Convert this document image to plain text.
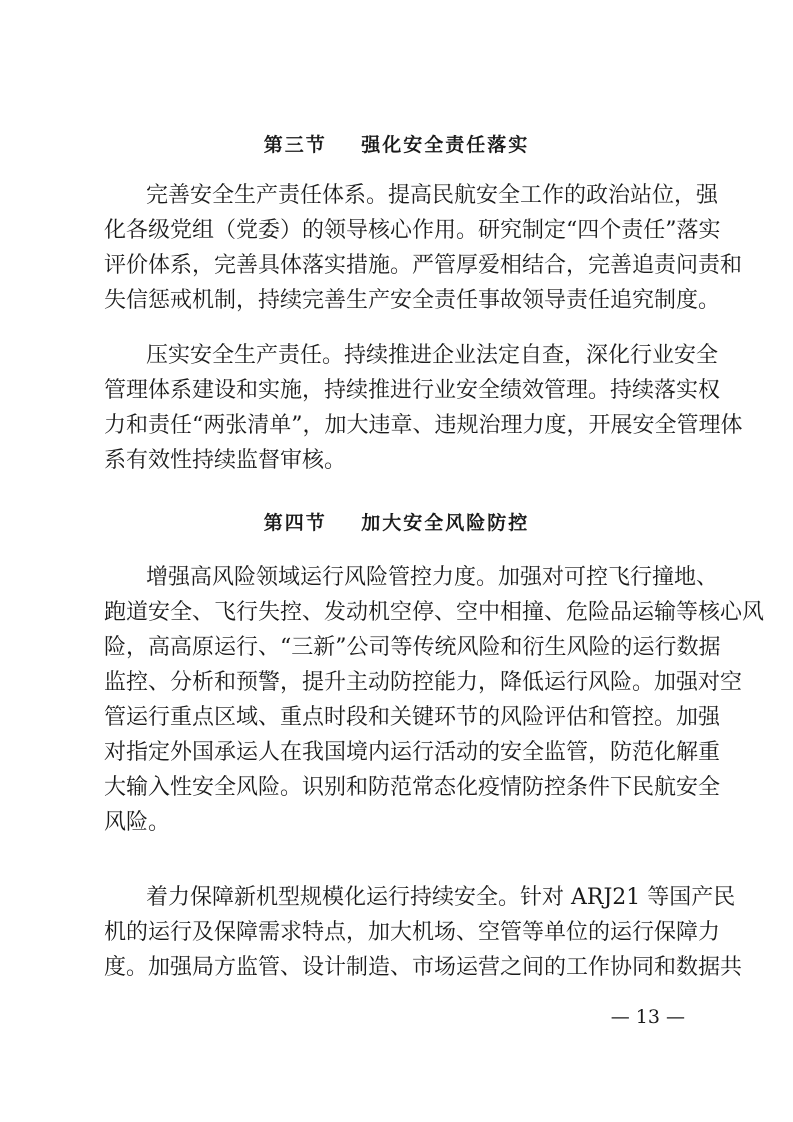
第三节    强化安全责任落实
完善安全生产责任体系。提高民航安全工作的政治站位，强
化各级党组（党委）的领导核心作用。研究制定“四个责任”落实
评价体系，完善具体落实措施。严管厚爱相结合，完善追责问责和
失信惩戒机制，持续完善生产安全责任事故领导责任追究制度。
压实安全生产责任。持续推进企业法定自查，深化行业安全
管理体系建设和实施，持续推进行业安全绩效管理。持续落实权
力和责任“两张清单”，加大违章、违规治理力度，开展安全管理体
系有效性持续监督审核。
第四节    加大安全风险防控
增强高风险领域运行风险管控力度。加强对可控飞行撞地、
跑道安全、飞行失控、发动机空停、空中相撞、危险品运输等核心风
险，高高原运行、“三新”公司等传统风险和衍生风险的运行数据
监控、分析和预警，提升主动防控能力，降低运行风险。加强对空
管运行重点区域、重点时段和关键环节的风险评估和管控。加强
对指定外国承运人在我国境内运行活动的安全监管，防范化解重
大输入性安全风险。识别和防范常态化疫情防控条件下民航安全
风险。
着力保障新机型规模化运行持续安全。针对 ARJ21 等国产民
机的运行及保障需求特点，加大机场、空管等单位的运行保障力
度。加强局方监管、设计制造、市场运营之间的工作协同和数据共
— 13 —
